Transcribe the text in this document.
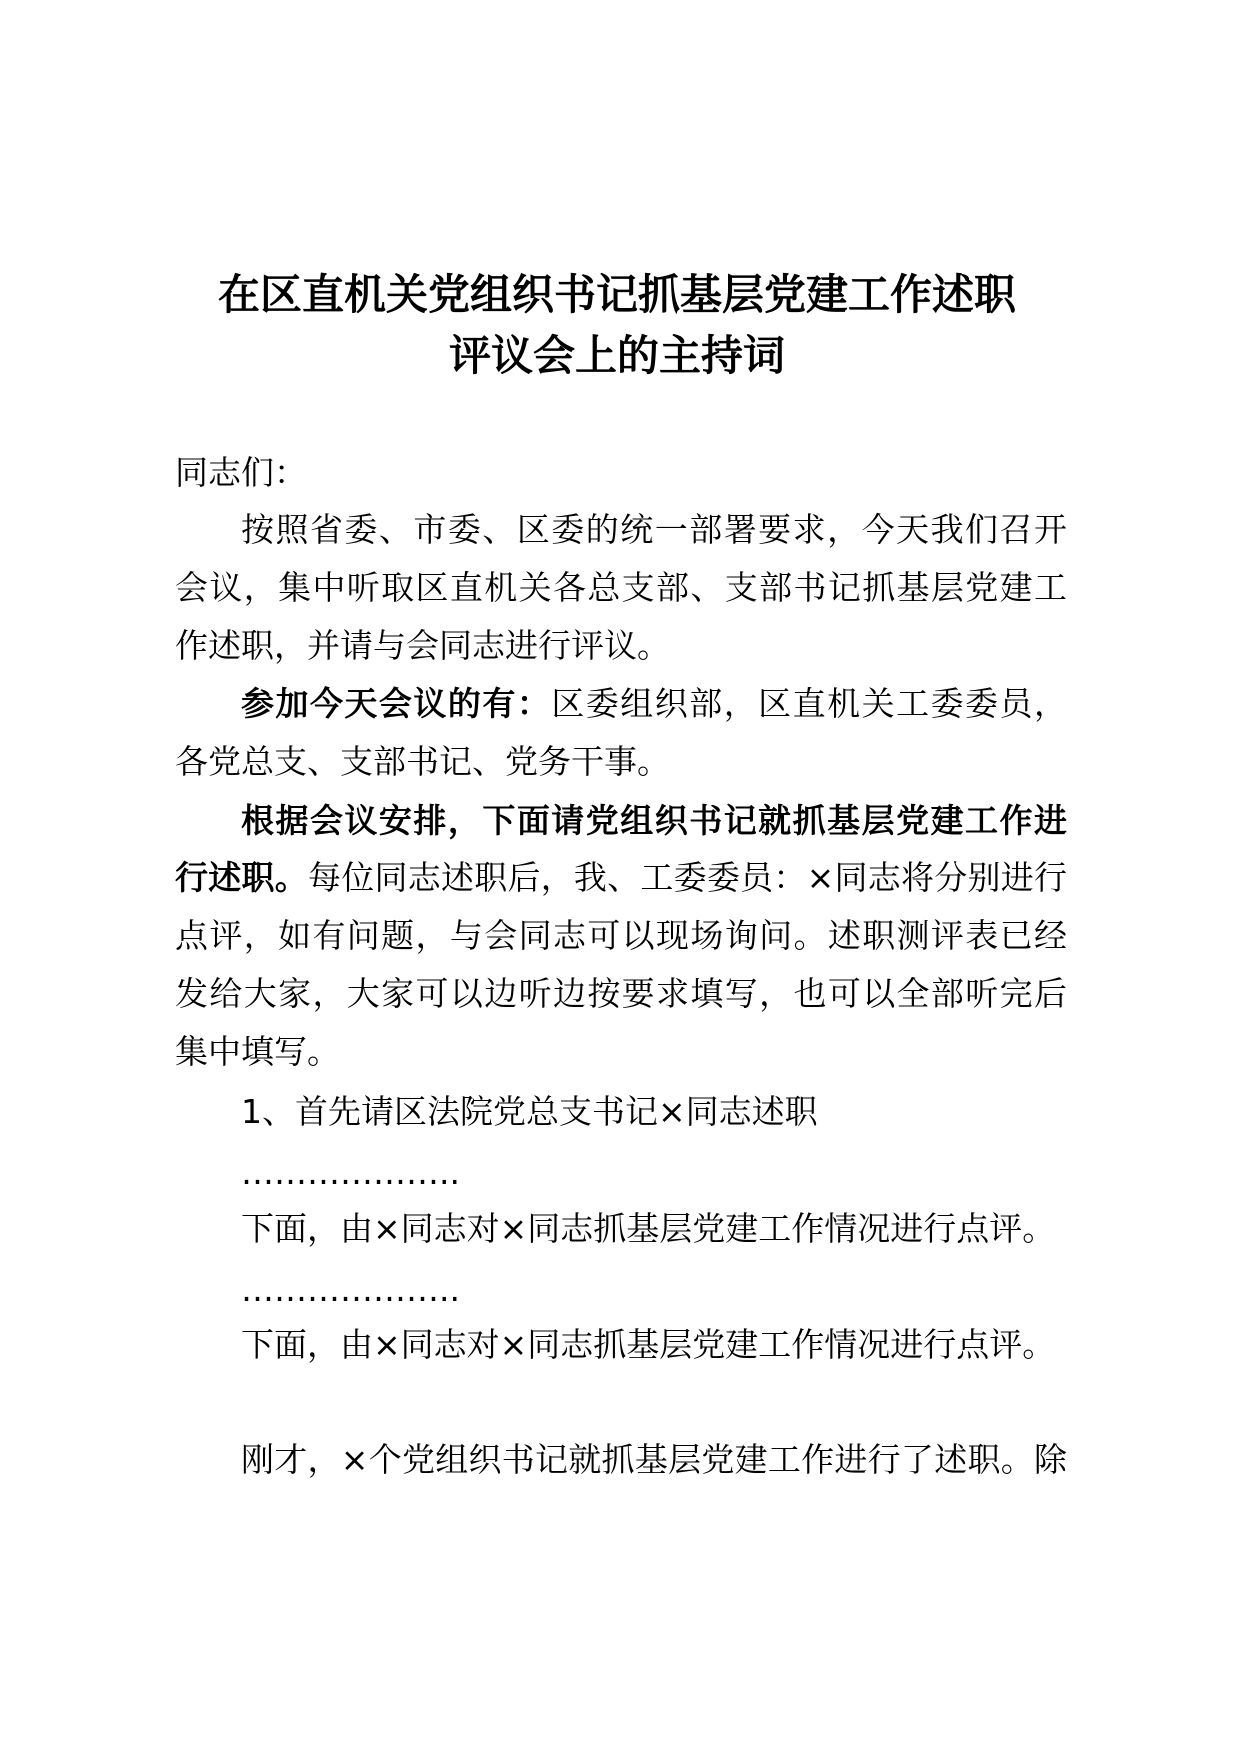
在区直机关党组织书记抓基层党建工作述职
评议会上的主持词
同志们：
按照省委、市委、区委的统一部署要求，今天我们召开
会议，集中听取区直机关各总支部、支部书记抓基层党建工
作述职，并请与会同志进行评议。
参加今天会议的有：区委组织部，区直机关工委委员，
各党总支、支部书记、党务干事。
根据会议安排，下面请党组织书记就抓基层党建工作进
行述职。每位同志述职后，我、工委委员：×同志将分别进行
点评，如有问题，与会同志可以现场询问。述职测评表已经
发给大家，大家可以边听边按要求填写，也可以全部听完后
集中填写。
1、首先请区法院党总支书记×同志述职
………………..
下面，由×同志对×同志抓基层党建工作情况进行点评。
………………..
下面，由×同志对×同志抓基层党建工作情况进行点评。
刚才，×个党组织书记就抓基层党建工作进行了述职。除
